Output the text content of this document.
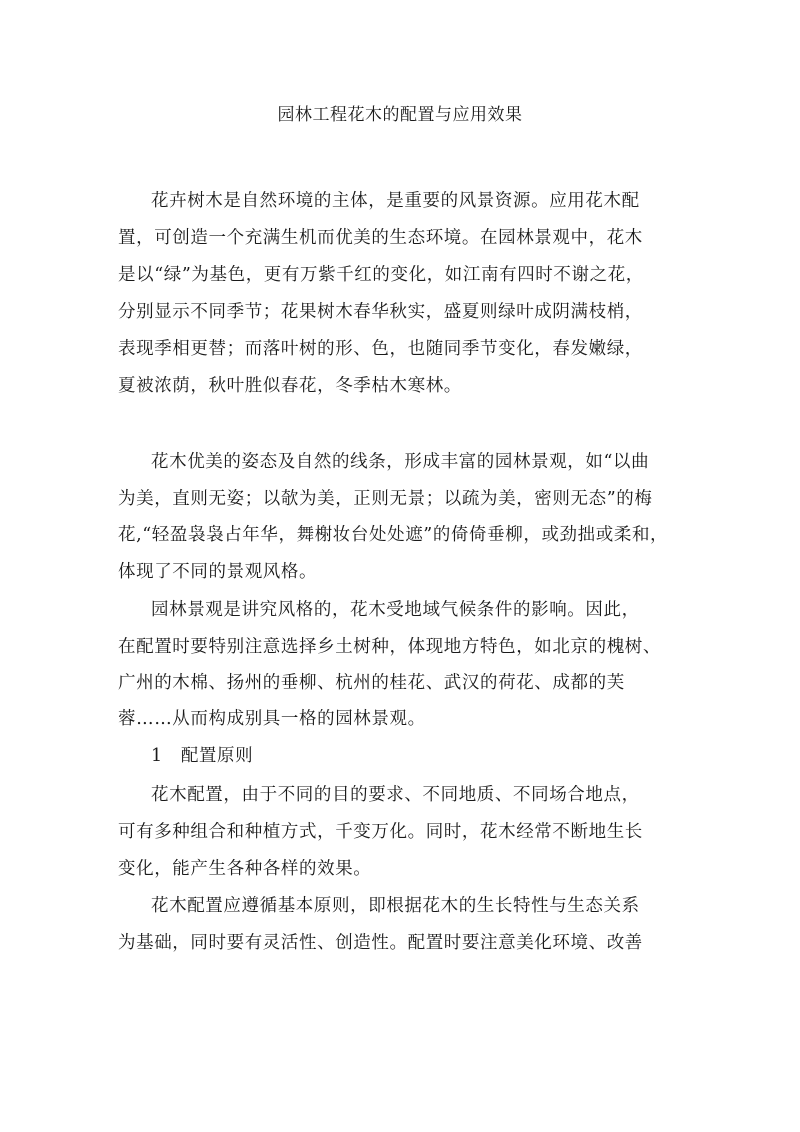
园林工程花木的配置与应用效果
花卉树木是自然环境的主体，是重要的风景资源。应用花木配
置，可创造一个充满生机而优美的生态环境。在园林景观中，花木
是以“绿”为基色，更有万紫千红的变化，如江南有四时不谢之花，
分别显示不同季节；花果树木春华秋实，盛夏则绿叶成阴满枝梢，
表现季相更替；而落叶树的形、色，也随同季节变化，春发嫩绿，
夏被浓荫，秋叶胜似春花，冬季枯木寒林。
花木优美的姿态及自然的线条，形成丰富的园林景观，如“以曲
为美，直则无姿；以欹为美，正则无景；以疏为美，密则无态”的梅
花,“轻盈袅袅占年华，舞榭妆台处处遮”的倚倚垂柳，或劲拙或柔和，
体现了不同的景观风格。
园林景观是讲究风格的，花木受地域气候条件的影响。因此，
在配置时要特别注意选择乡土树种，体现地方特色，如北京的槐树、
广州的木棉、扬州的垂柳、杭州的桂花、武汉的荷花、成都的芙
蓉……从而构成别具一格的园林景观。
1　配置原则
花木配置，由于不同的目的要求、不同地质、不同场合地点，
可有多种组合和种植方式，千变万化。同时，花木经常不断地生长
变化，能产生各种各样的效果。
花木配置应遵循基本原则，即根据花木的生长特性与生态关系
为基础，同时要有灵活性、创造性。配置时要注意美化环境、改善
